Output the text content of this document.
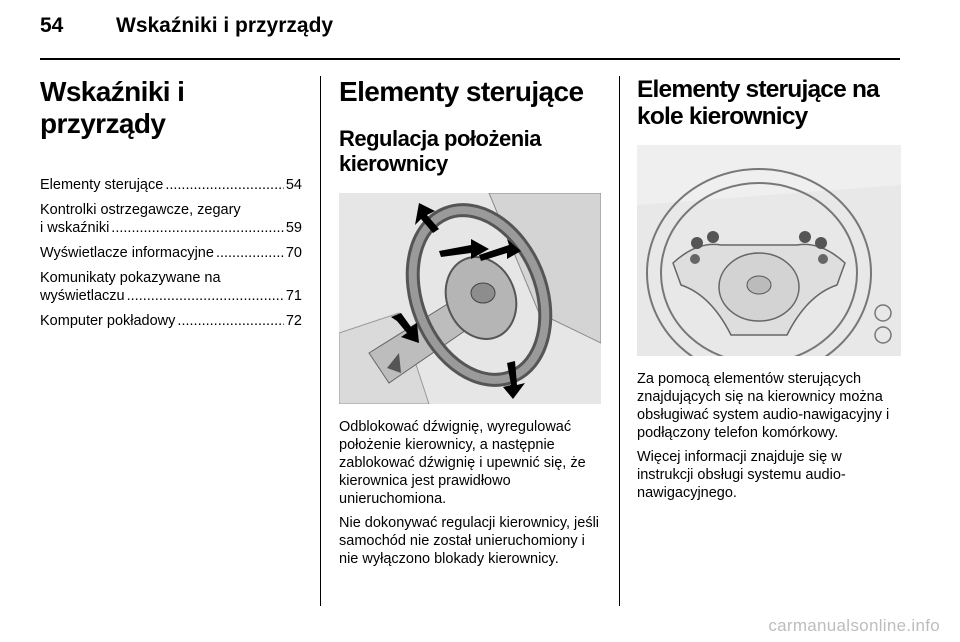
54	Wskaźniki i przyrządy
Wskaźniki i przyrządy
Elementy sterujące .....	54
Kontrolki ostrzegawcze, zegary
i wskaźniki .....	59
Wyświetlacze informacyjne .....	70
Komunikaty pokazywane na
wyświetlaczu .....	71
Komputer pokładowy .....	72
Elementy sterujące
Regulacja położenia kierownicy

Odblokować dźwignię, wyregulować położenie kierownicy, a następnie zablokować dźwignię i upewnić się, że kierownica jest prawidłowo unieruchomiona.

Nie dokonywać regulacji kierownicy, jeśli samochód nie został unieruchomiony i nie wyłączono blokady kierownicy.

Elementy sterujące na kole kierownicy

Za pomocą elementów sterujących znajdujących się na kierownicy można obsługiwać system audio-nawigacyjny i podłączony telefon komórkowy.

Więcej informacji znajduje się w instrukcji obsługi systemu audio-nawigacyjnego.

carmanualsonline.info
